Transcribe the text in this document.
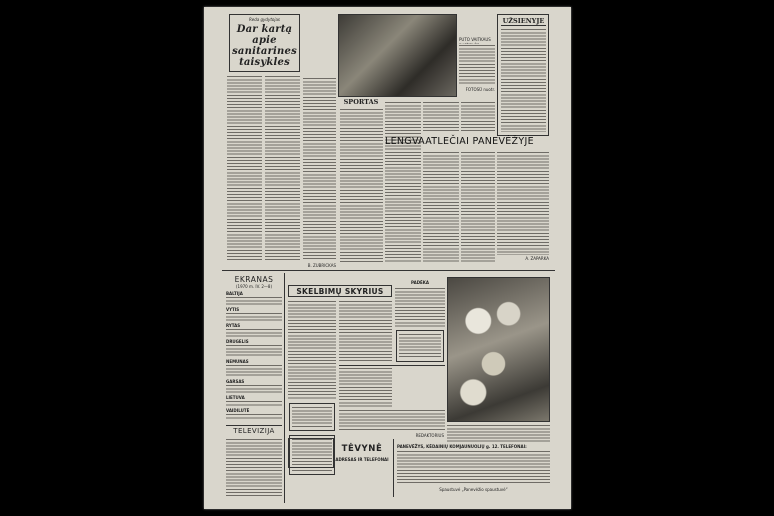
Reda gydytojas
Dar kartą apie sanitarines taisykles
B. ZUBRICKAS
PUTO VAITKAUS
FOTOSŪ nuotr.
UŽSIENYJE
SPORTAS
LENGVAATLEČIAI PANEVĖŽYJE
A. ZAPARKA
EKRANAS
(1970 m. IV. 2—8)
BALTIJA
VYTIS
RYTAS
DRUGELIS
NEMUNAS
GARSAS
LIETUVA
VAIDILUTĖ
TELEVIZIJA
SKELBIMŲ SKYRIUS
PADĖKA
REDAKTORIUS
TĖVYNĖ
ADRESAS IR TELEFONAI
PANEVĖŽYS, KĖDAINIŲ KOMJAUNUOLIŲ g. 12. TELEFONAI:
Spaustuvė „Panevėžio spaustuvė“
